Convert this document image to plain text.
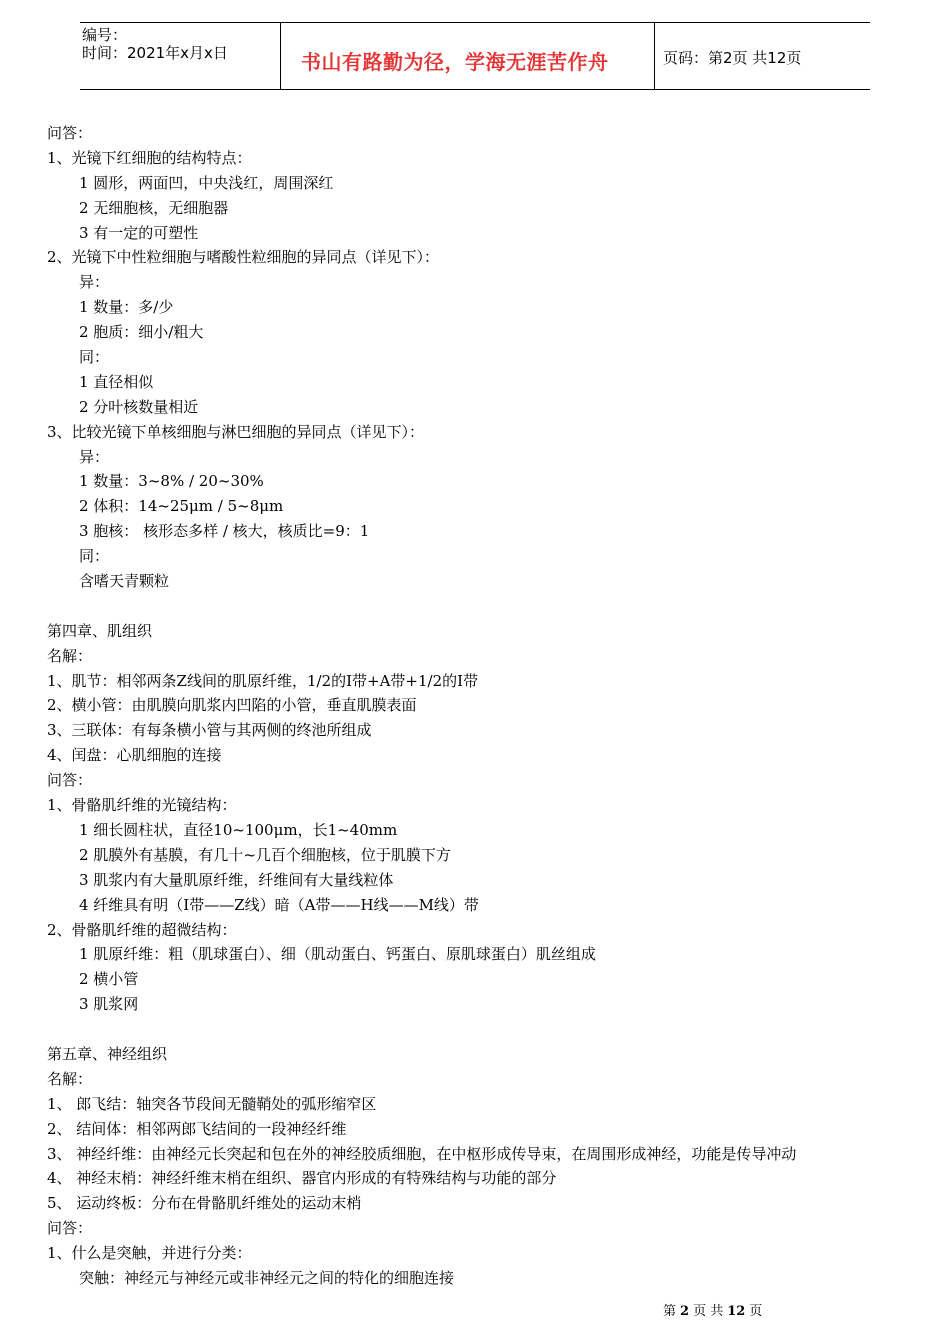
编号：
时间：2021年x月x日	书山有路勤为径，学海无涯苦作舟	页码：第2页 共12页
问答：
1、光镜下红细胞的结构特点：
1 圆形，两面凹，中央浅红，周围深红
2 无细胞核，无细胞器
3 有一定的可塑性
2、光镜下中性粒细胞与嗜酸性粒细胞的异同点（详见下）：
异：
1 数量：多/少
2 胞质：细小/粗大
同：
1 直径相似
2 分叶核数量相近
3、比较光镜下单核细胞与淋巴细胞的异同点（详见下）：
异：
1 数量：3~8% / 20~30%
2 体积：14~25μm / 5~8μm
3 胞核： 核形态多样 / 核大，核质比=9：1
同：
含嗜天青颗粒
第四章、肌组织
名解：
1、肌节：相邻两条Z线间的肌原纤维，1/2的I带+A带+1/2的I带
2、横小管：由肌膜向肌浆内凹陷的小管，垂直肌膜表面
3、三联体：有每条横小管与其两侧的终池所组成
4、闰盘：心肌细胞的连接
问答：
1、骨骼肌纤维的光镜结构：
1 细长圆柱状，直径10~100μm，长1~40mm
2 肌膜外有基膜，有几十~几百个细胞核，位于肌膜下方
3 肌浆内有大量肌原纤维，纤维间有大量线粒体
4 纤维具有明（I带——Z线）暗（A带——H线——M线）带
2、骨骼肌纤维的超微结构：
1 肌原纤维：粗（肌球蛋白）、细（肌动蛋白、钙蛋白、原肌球蛋白）肌丝组成
2 横小管
3 肌浆网
第五章、神经组织
名解：
1、 郎飞结：轴突各节段间无髓鞘处的弧形缩窄区
2、 结间体：相邻两郎飞结间的一段神经纤维
3、 神经纤维：由神经元长突起和包在外的神经胶质细胞，在中枢形成传导束，在周围形成神经，功能是传导冲动
4、 神经末梢：神经纤维末梢在组织、器官内形成的有特殊结构与功能的部分
5、 运动终板：分布在骨骼肌纤维处的运动末梢
问答：
1、什么是突触，并进行分类：
突触：神经元与神经元或非神经元之间的特化的细胞连接
第 2 页 共 12 页
